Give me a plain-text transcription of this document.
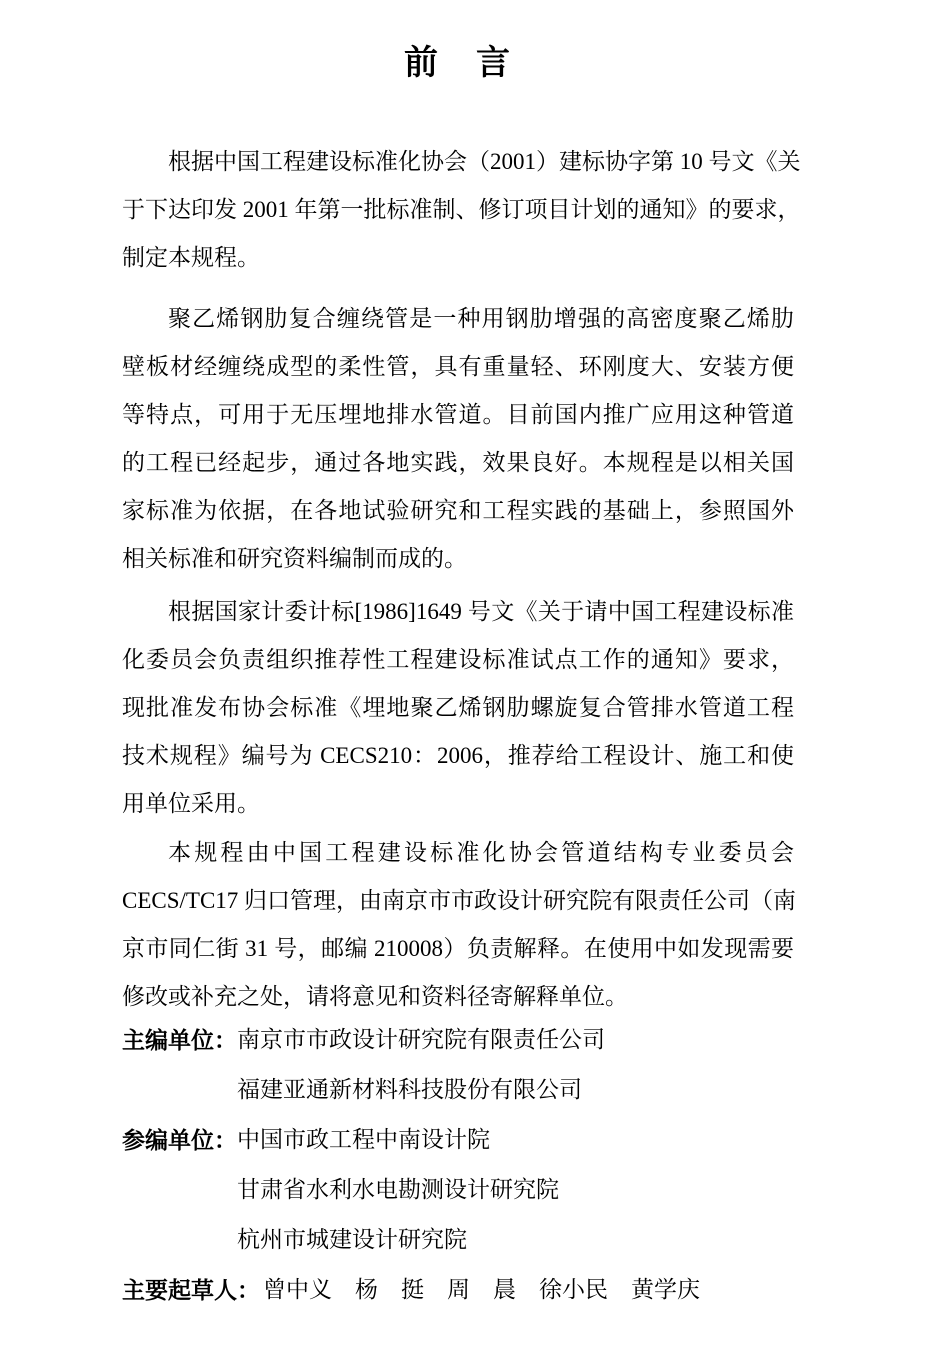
前　言
根据中国工程建设标准化协会（2001）建标协字第 10 号文《关
于下达印发 2001 年第一批标准制、修订项目计划的通知》的要求，
制定本规程。
聚乙烯钢肋复合缠绕管是一种用钢肋增强的高密度聚乙烯肋
壁板材经缠绕成型的柔性管，具有重量轻、环刚度大、安装方便
等特点，可用于无压埋地排水管道。目前国内推广应用这种管道
的工程已经起步，通过各地实践，效果良好。本规程是以相关国
家标准为依据，在各地试验研究和工程实践的基础上，参照国外
相关标准和研究资料编制而成的。
根据国家计委计标[1986]1649 号文《关于请中国工程建设标准
化委员会负责组织推荐性工程建设标准试点工作的通知》要求，
现批准发布协会标准《埋地聚乙烯钢肋螺旋复合管排水管道工程
技术规程》编号为 CECS210：2006，推荐给工程设计、施工和使
用单位采用。
本规程由中国工程建设标准化协会管道结构专业委员会
CECS/TC17 归口管理，由南京市市政设计研究院有限责任公司（南
京市同仁街 31 号，邮编 210008）负责解释。在使用中如发现需要
修改或补充之处，请将意见和资料径寄解释单位。
主编单位： 南京市市政设计研究院有限责任公司
福建亚通新材料科技股份有限公司
参编单位： 中国市政工程中南设计院
甘肃省水利水电勘测设计研究院
杭州市城建设计研究院
主要起草人： 曾中义　杨　挺　周　晨　徐小民　黄学庆
